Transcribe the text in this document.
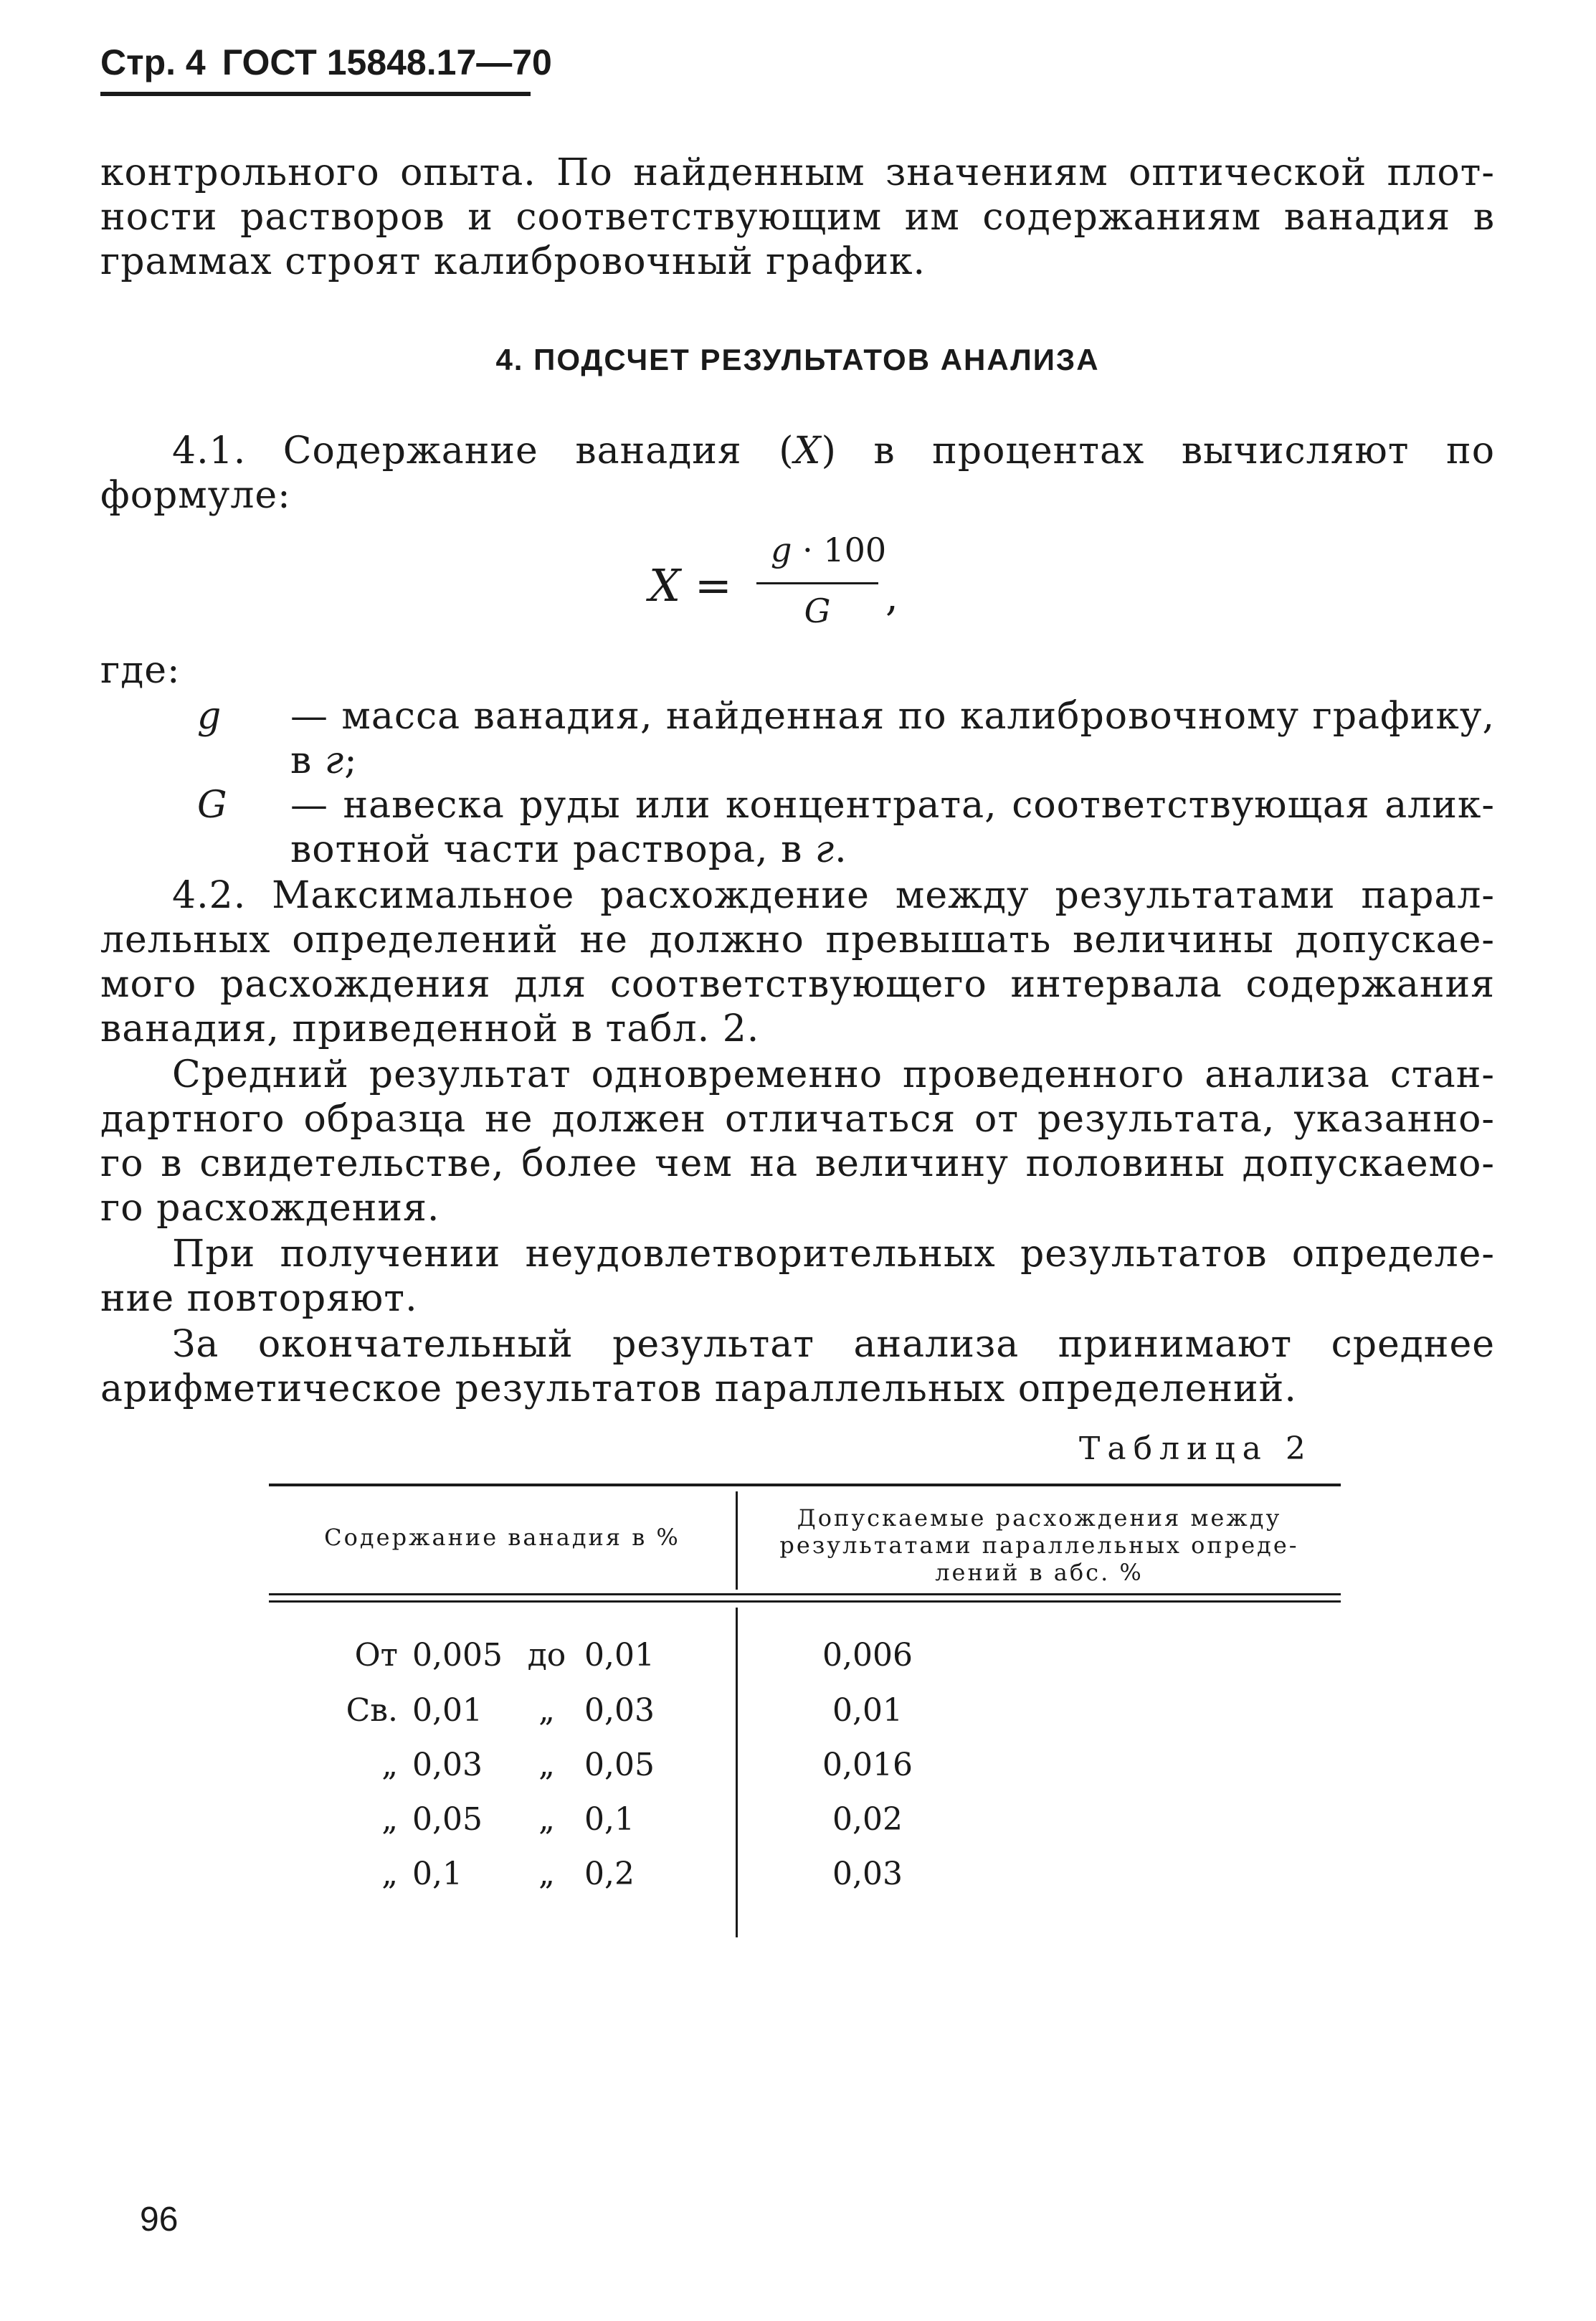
Стр. 4 ГОСТ 15848.17—70
контрольного опыта. По найденным значениям оптической плот-
ности растворов и соответствующим им содержаниям ванадия в
граммах строят калибровочный график.
4. ПОДСЧЕТ РЕЗУЛЬТАТОВ АНАЛИЗА
4.1. Содержание ванадия (X) в процентах вычисляют по
формуле:
X =
g · 100
G	,
где:
g — масса ванадия, найденная по калибровочному графику,
в г;
G — навеска руды или концентрата, соответствующая алик-
вотной части раствора, в г.
4.2. Максимальное расхождение между результатами парал-
лельных определений не должно превышать величины допускае-
мого расхождения для соответствующего интервала содержания
ванадия, приведенной в табл. 2.
Средний результат одновременно проведенного анализа стан-
дартного образца не должен отличаться от результата, указанно-
го в свидетельстве, более чем на величину половины допускаемо-
го расхождения.
При получении неудовлетворительных результатов определе-
ние повторяют.
За окончательный результат анализа принимают среднее
арифметическое результатов параллельных определений.
Таблица 2
Содержание ванадия в %
Допускаемые расхождения между
результатами параллельных опреде-
лений в абс. %
От 0,005 до 0,01	0,006
Св. 0,01	„ 0,03	0,01
„ 0,03	„ 0,05	0,016
„ 0,05	„ 0,1	0,02
„ 0,1	„ 0,2	0,03
96
